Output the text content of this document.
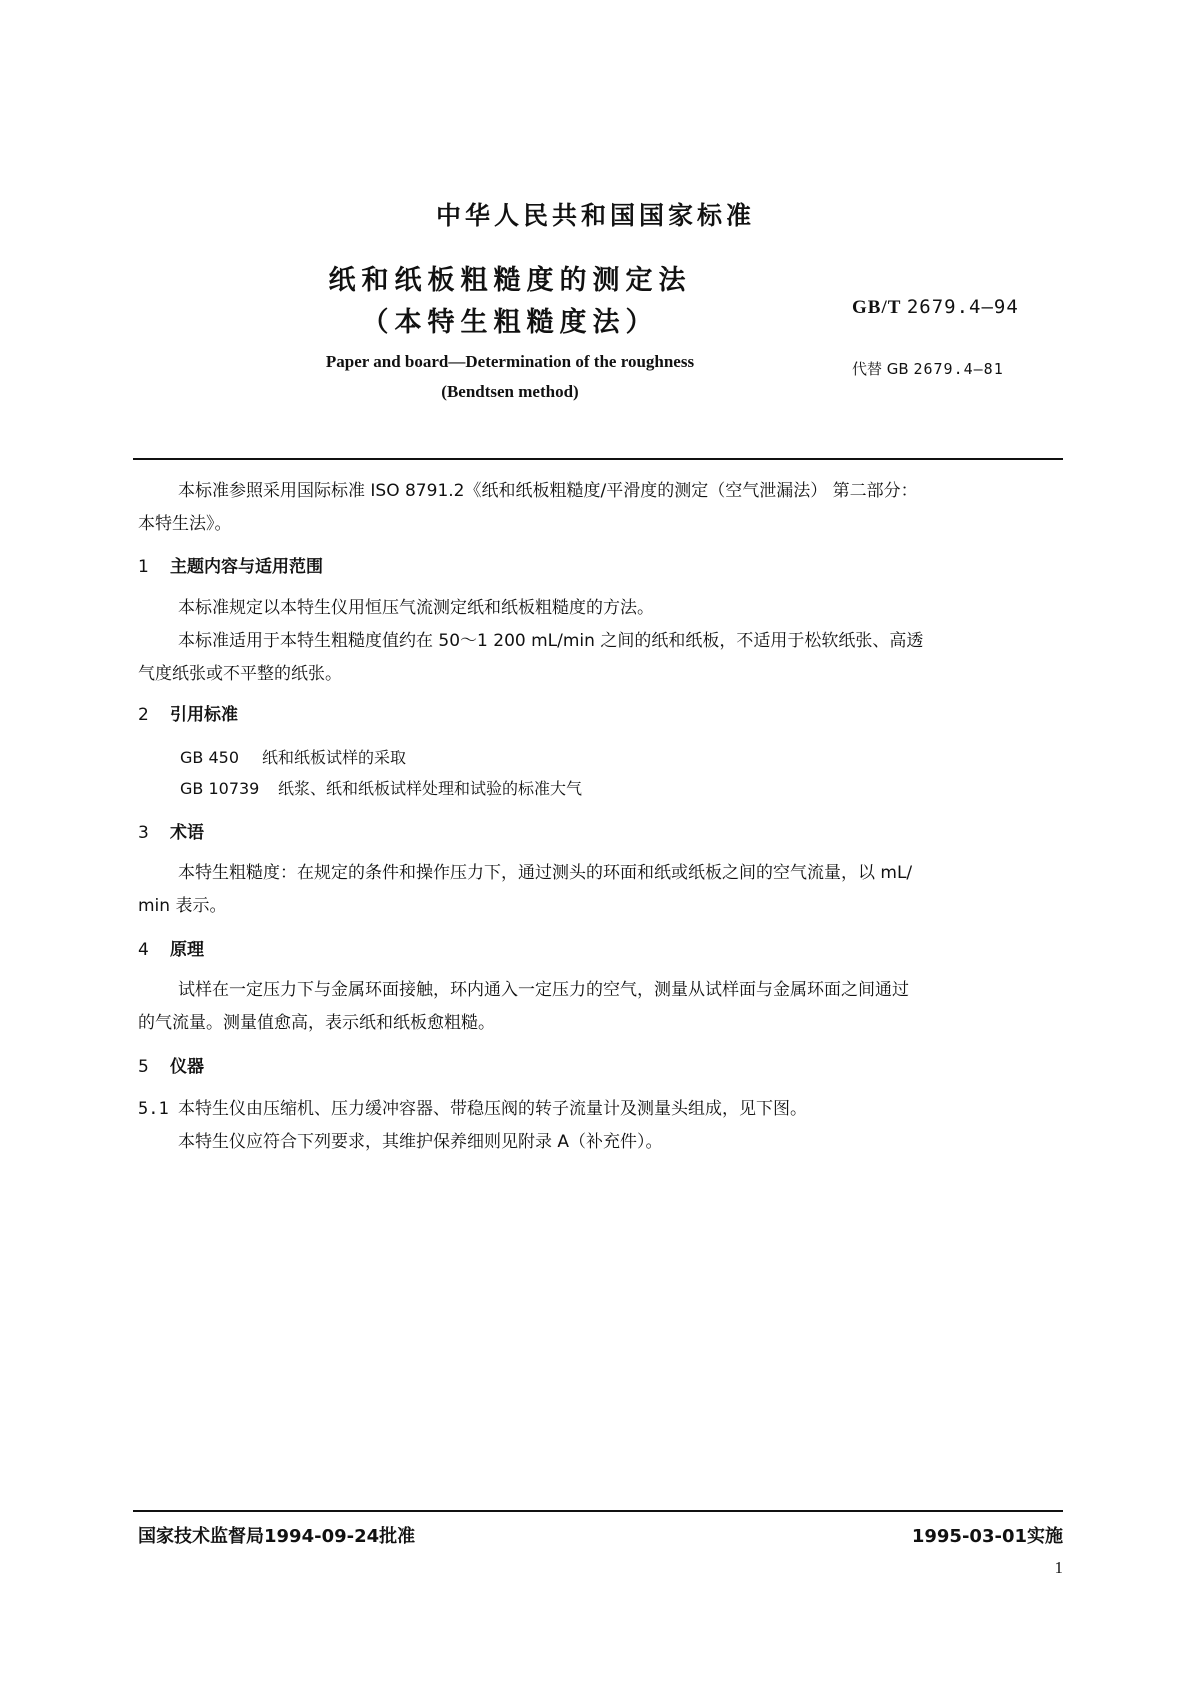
中华人民共和国国家标准
纸和纸板粗糙度的测定法
（本特生粗糙度法）	GB/T 2679.4—94
代替 GB 2679.4—81
Paper and board—Determination of the roughness
(Bendtsen method)
本标准参照采用国际标准 ISO 8791.2《纸和纸板粗糙度/平滑度的测定（空气泄漏法） 第二部分：
本特生法》。
1 主题内容与适用范围
本标准规定以本特生仪用恒压气流测定纸和纸板粗糙度的方法。
本标准适用于本特生粗糙度值约在 50～1 200 mL/min 之间的纸和纸板，不适用于松软纸张、高透
气度纸张或不平整的纸张。
2 引用标准
GB 450 纸和纸板试样的采取
GB 10739 纸浆、纸和纸板试样处理和试验的标准大气
3 术语
本特生粗糙度：在规定的条件和操作压力下，通过测头的环面和纸或纸板之间的空气流量，以 mL/
min 表示。
4 原理
试样在一定压力下与金属环面接触，环内通入一定压力的空气，测量从试样面与金属环面之间通过
的气流量。测量值愈高，表示纸和纸板愈粗糙。
5 仪器
5.1 本特生仪由压缩机、压力缓冲容器、带稳压阀的转子流量计及测量头组成，见下图。
本特生仪应符合下列要求，其维护保养细则见附录 A（补充件）。
国家技术监督局1994-09-24批准	1995-03-01实施
1
